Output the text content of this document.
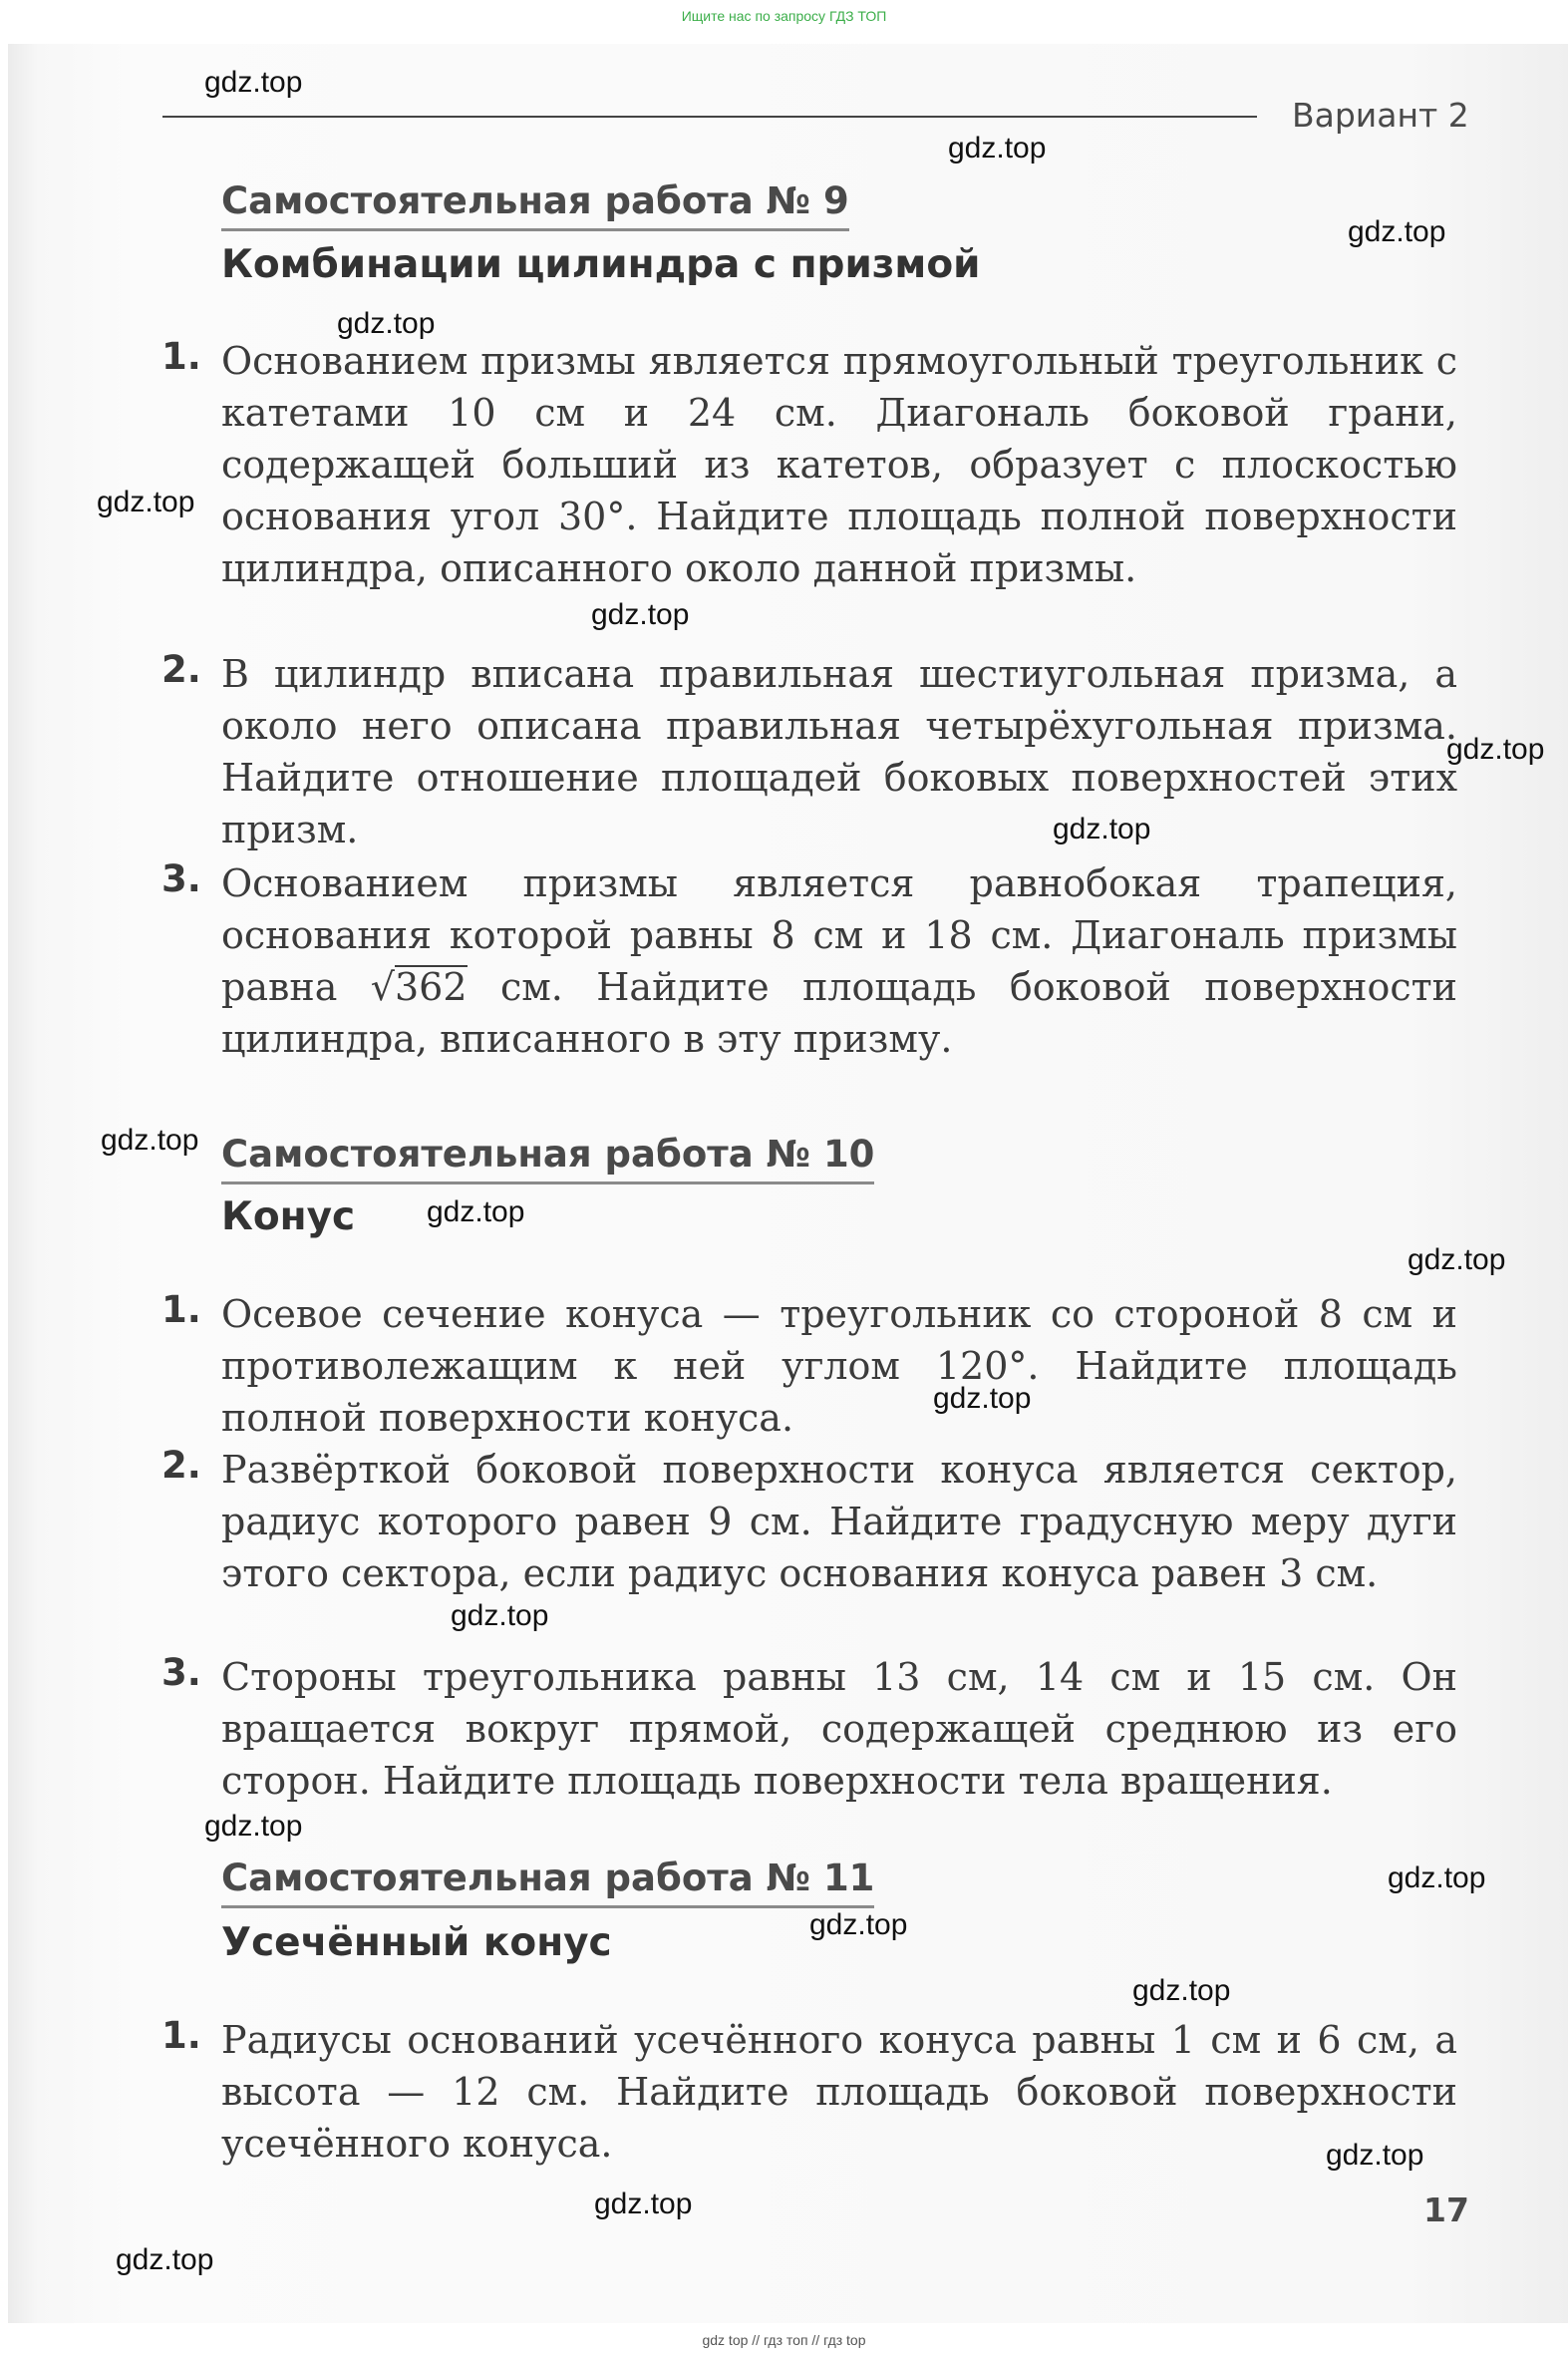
Ищите нас по запросу ГДЗ ТОП
Вариант 2
Самостоятельная работа № 9
Комбинации цилиндра с призмой
1. Основанием призмы является прямоугольный треугольник с катетами 10 см и 24 см. Диагональ боковой грани, содержащей больший из катетов, образует с плоскостью основания угол 30°. Найдите площадь полной поверхности цилиндра, описанного около данной призмы.
2. В цилиндр вписана правильная шестиугольная призма, а около него описана правильная четырёхугольная призма. Найдите отношение площадей боковых поверхностей этих призм.
3. Основанием призмы является равнобокая трапеция, основания которой равны 8 см и 18 см. Диагональ призмы равна √362 см. Найдите площадь боковой поверхности цилиндра, вписанного в эту призму.
Самостоятельная работа № 10
Конус
1. Осевое сечение конуса — треугольник со стороной 8 см и противолежащим к ней углом 120°. Найдите площадь полной поверхности конуса.
2. Развёрткой боковой поверхности конуса является сектор, радиус которого равен 9 см. Найдите градусную меру дуги этого сектора, если радиус основания конуса равен 3 см.
3. Стороны треугольника равны 13 см, 14 см и 15 см. Он вращается вокруг прямой, содержащей среднюю из его сторон. Найдите площадь поверхности тела вращения.
Самостоятельная работа № 11
Усечённый конус
1. Радиусы оснований усечённого конуса равны 1 см и 6 см, а высота — 12 см. Найдите площадь боковой поверхности усечённого конуса.
17
gdz.top
gdz.top
gdz.top
gdz.top
gdz.top
gdz.top
gdz.top
gdz.top
gdz.top
gdz.top
gdz.top
gdz.top
gdz.top
gdz.top
gdz.top
gdz.top
gdz.top
gdz.top
gdz.top
gdz.top
gdz top // гдз топ // гдз top
